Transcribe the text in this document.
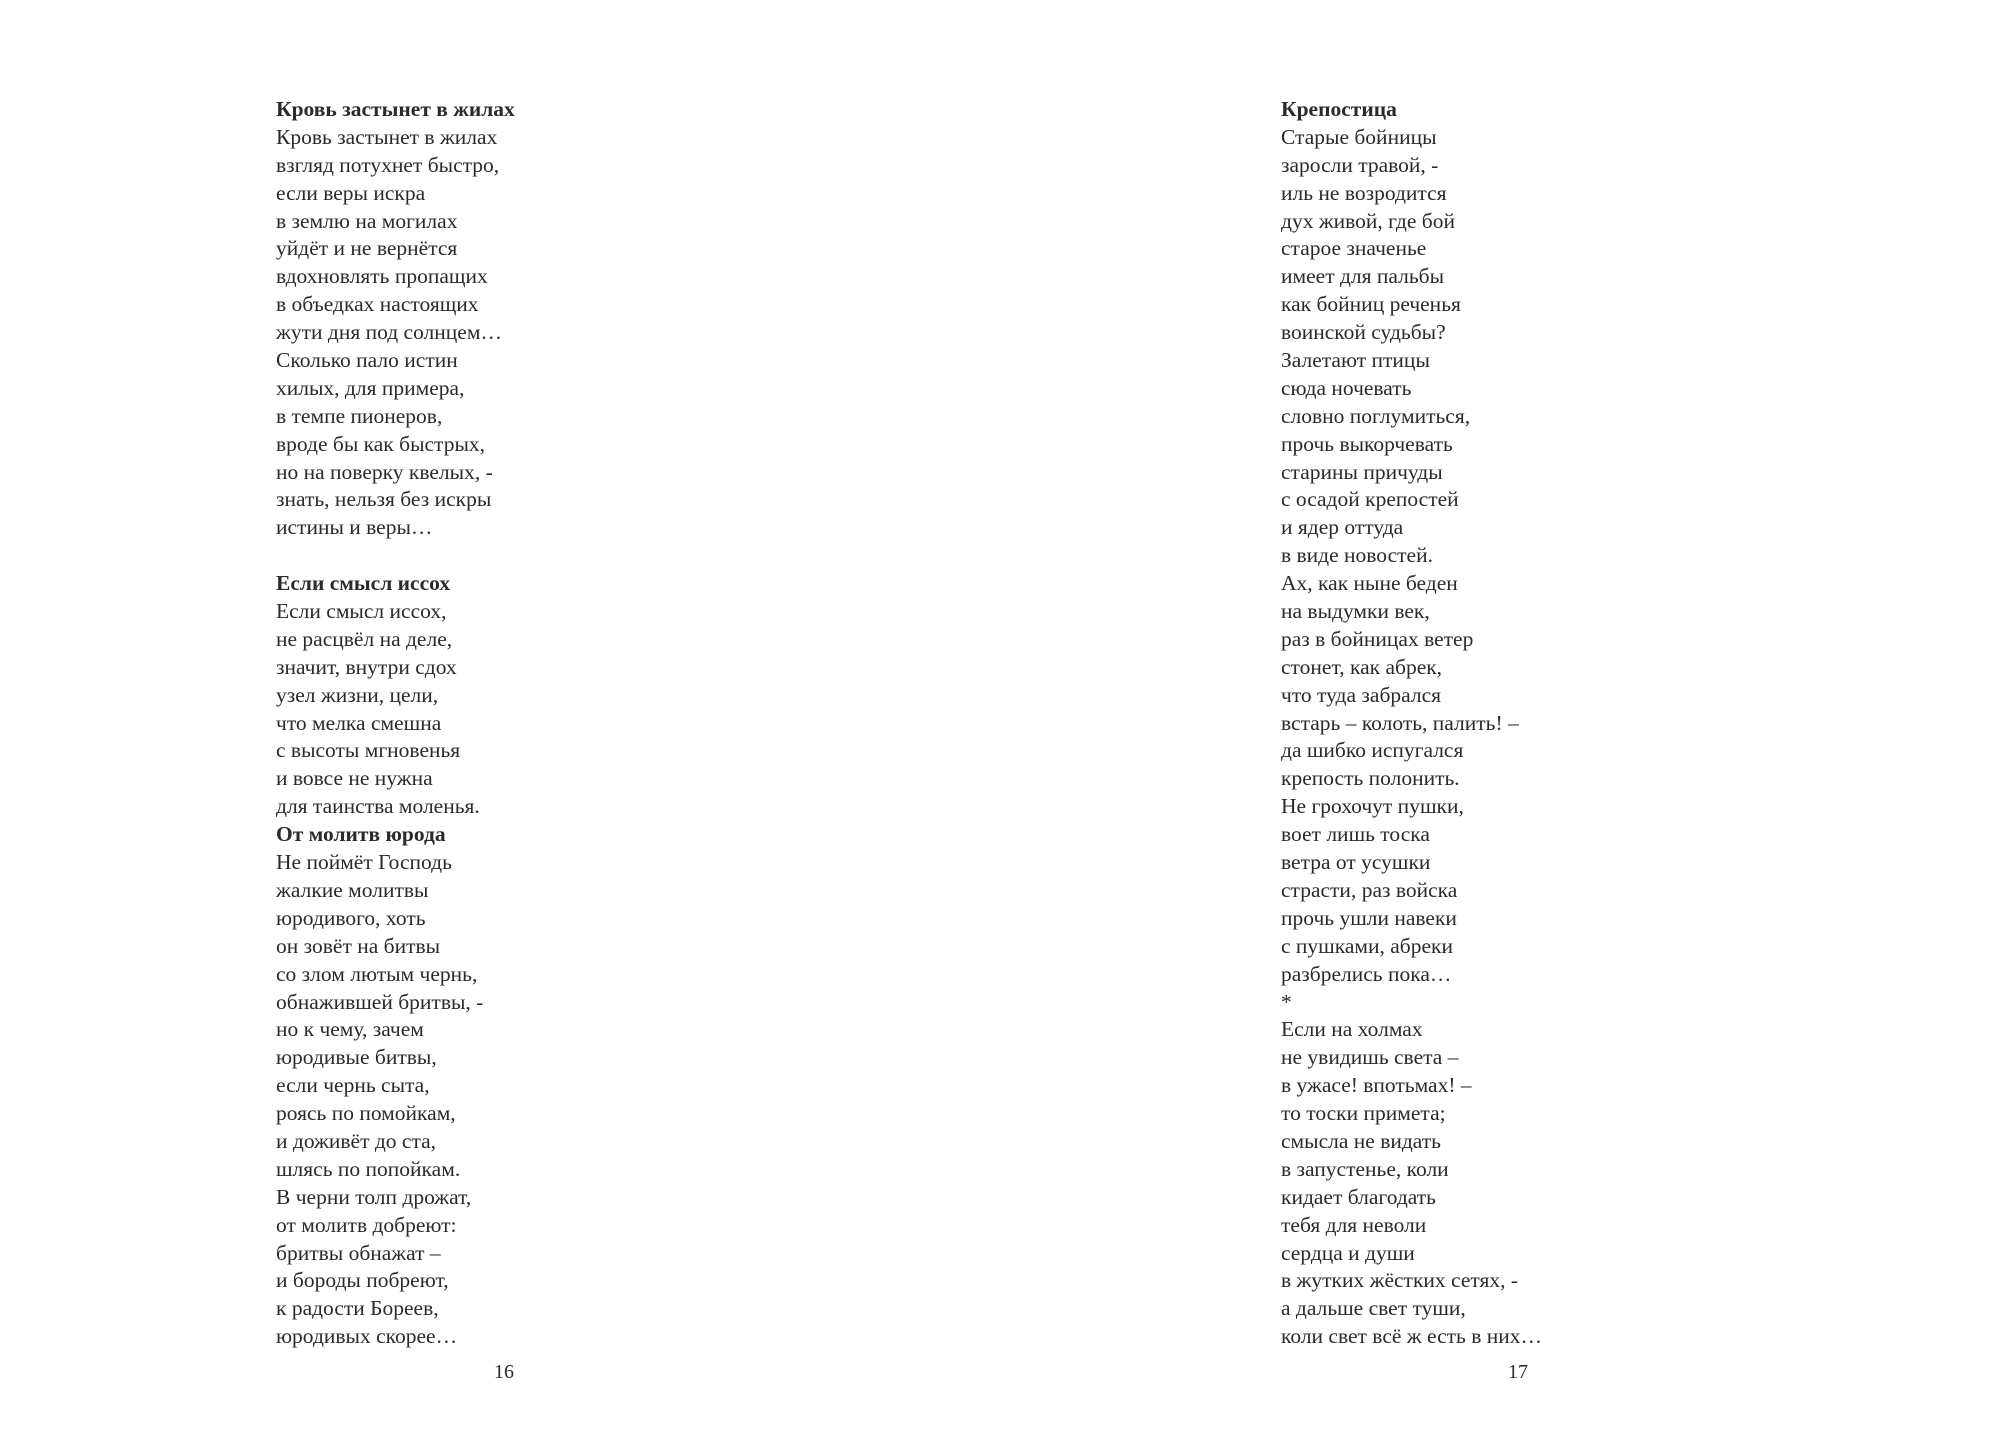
Кровь застынет в жилах
Кровь застынет в жилах
взгляд потухнет быстро,
если веры искра
в землю на могилах
уйдёт и не вернётся
вдохновлять пропащих
в объедках настоящих
жути дня под солнцем…
Сколько пало истин
хилых, для примера,
в темпе пионеров,
вроде бы как быстрых,
но на поверку квелых, -
знать, нельзя без искры
истины и веры…
Если смысл иссох
Если смысл иссох,
не расцвёл на деле,
значит, внутри сдох
узел жизни, цели,
что мелка смешна
с высоты мгновенья
и вовсе не нужна
для таинства моленья.
От молитв юрода
Не поймёт Господь
жалкие молитвы
юродивого, хоть
он зовёт на битвы
со злом лютым чернь,
обнажившей бритвы, -
но к чему, зачем
юродивые битвы,
если чернь сыта,
роясь по помойкам,
и доживёт до ста,
шлясь по попойкам.
В черни толп дрожат,
от молитв добреют:
бритвы обнажат –
и бороды побреют,
к радости Бореев,
юродивых скорее…
16
Крепостица
Старые бойницы
заросли травой, -
иль не возродится
дух живой, где бой
старое значенье
имеет для пальбы
как бойниц реченья
воинской судьбы?
Залетают птицы
сюда ночевать
словно поглумиться,
прочь выкорчевать
старины причуды
с осадой крепостей
и ядер оттуда
в виде новостей.
Ах, как ныне беден
на выдумки век,
раз в бойницах ветер
стонет, как абрек,
что туда забрался
встарь – колоть, палить! –
да шибко испугался
крепость полонить.
Не грохочут пушки,
воет лишь тоска
ветра от усушки
страсти, раз войска
прочь ушли навеки
с пушками, абреки
разбрелись пока…
*
Если на холмах
не увидишь света –
в ужасе! впотьмах! –
то тоски примета;
смысла не видать
в запустенье, коли
кидает благодать
тебя для неволи
сердца и души
в жутких жёстких сетях, -
а дальше свет туши,
коли свет всё ж есть в них…
17
